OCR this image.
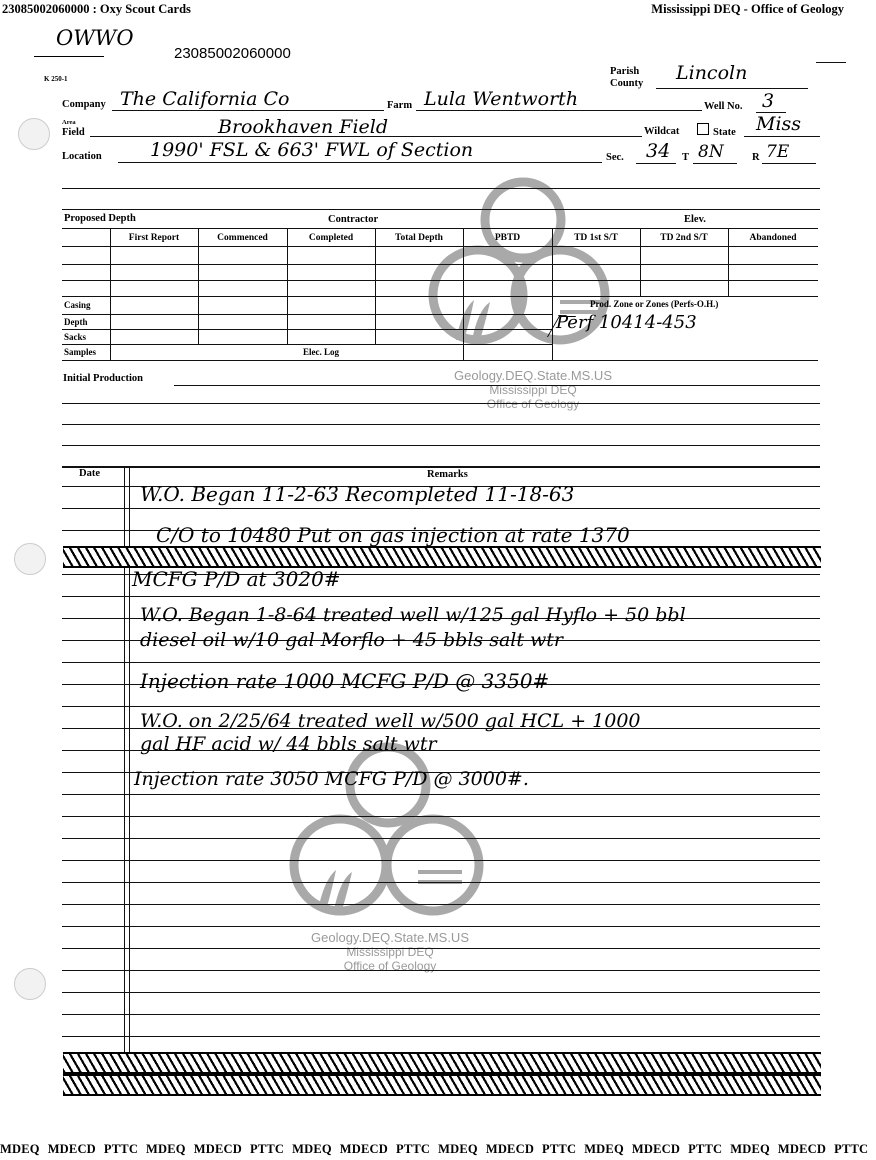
23085002060000 : Oxy Scout Cards	Mississippi DEQ - Office of Geology
Geology.DEQ.State.MS.US
Mississippi DEQ
Office of Geology
Geology.DEQ.State.MS.US
Mississippi DEQ
Office of Geology
OWWO
23085002060000
K 250-1
Parish
County Lincoln
Company The California Co	Farm Lula Wentworth	Well No. 3
Area
Field	Brookhaven Field	Wildcat	State Miss
Location	1990' FSL & 663' FWL of Section	Sec. 34 T 8N	R 7E
Proposed Depth	Contractor	Elev.
First Report	Commenced	Completed	Total Depth	PBTD	TD 1st S/T	TD 2nd S/T	Abandoned
Casing
Depth
Sacks
Samples	Elec. Log
Prod. Zone or Zones (Perfs-O.H.)
Perf 10414-453
Initial Production
Date	Remarks
W.O. Began 11-2-63 Recompleted 11-18-63
C/O to 10480 Put on gas injection at rate 1370
MCFG P/D at 3020#
W.O. Began 1-8-64 treated well w/125 gal Hyflo + 50 bbl
diesel oil w/10 gal Morflo + 45 bbls salt wtr
Injection rate 1000 MCFG P/D @ 3350#
W.O. on 2/25/64 treated well w/500 gal HCL + 1000
gal HF acid w/ 44 bbls salt wtr
Injection rate 3050 MCFG P/D @ 3000#.
MDEQ MDECD PTTC MDEQ MDECD PTTC MDEQ MDECD PTTC MDEQ MDECD PTTC MDEQ MDECD PTTC MDEQ MDECD PTTC
